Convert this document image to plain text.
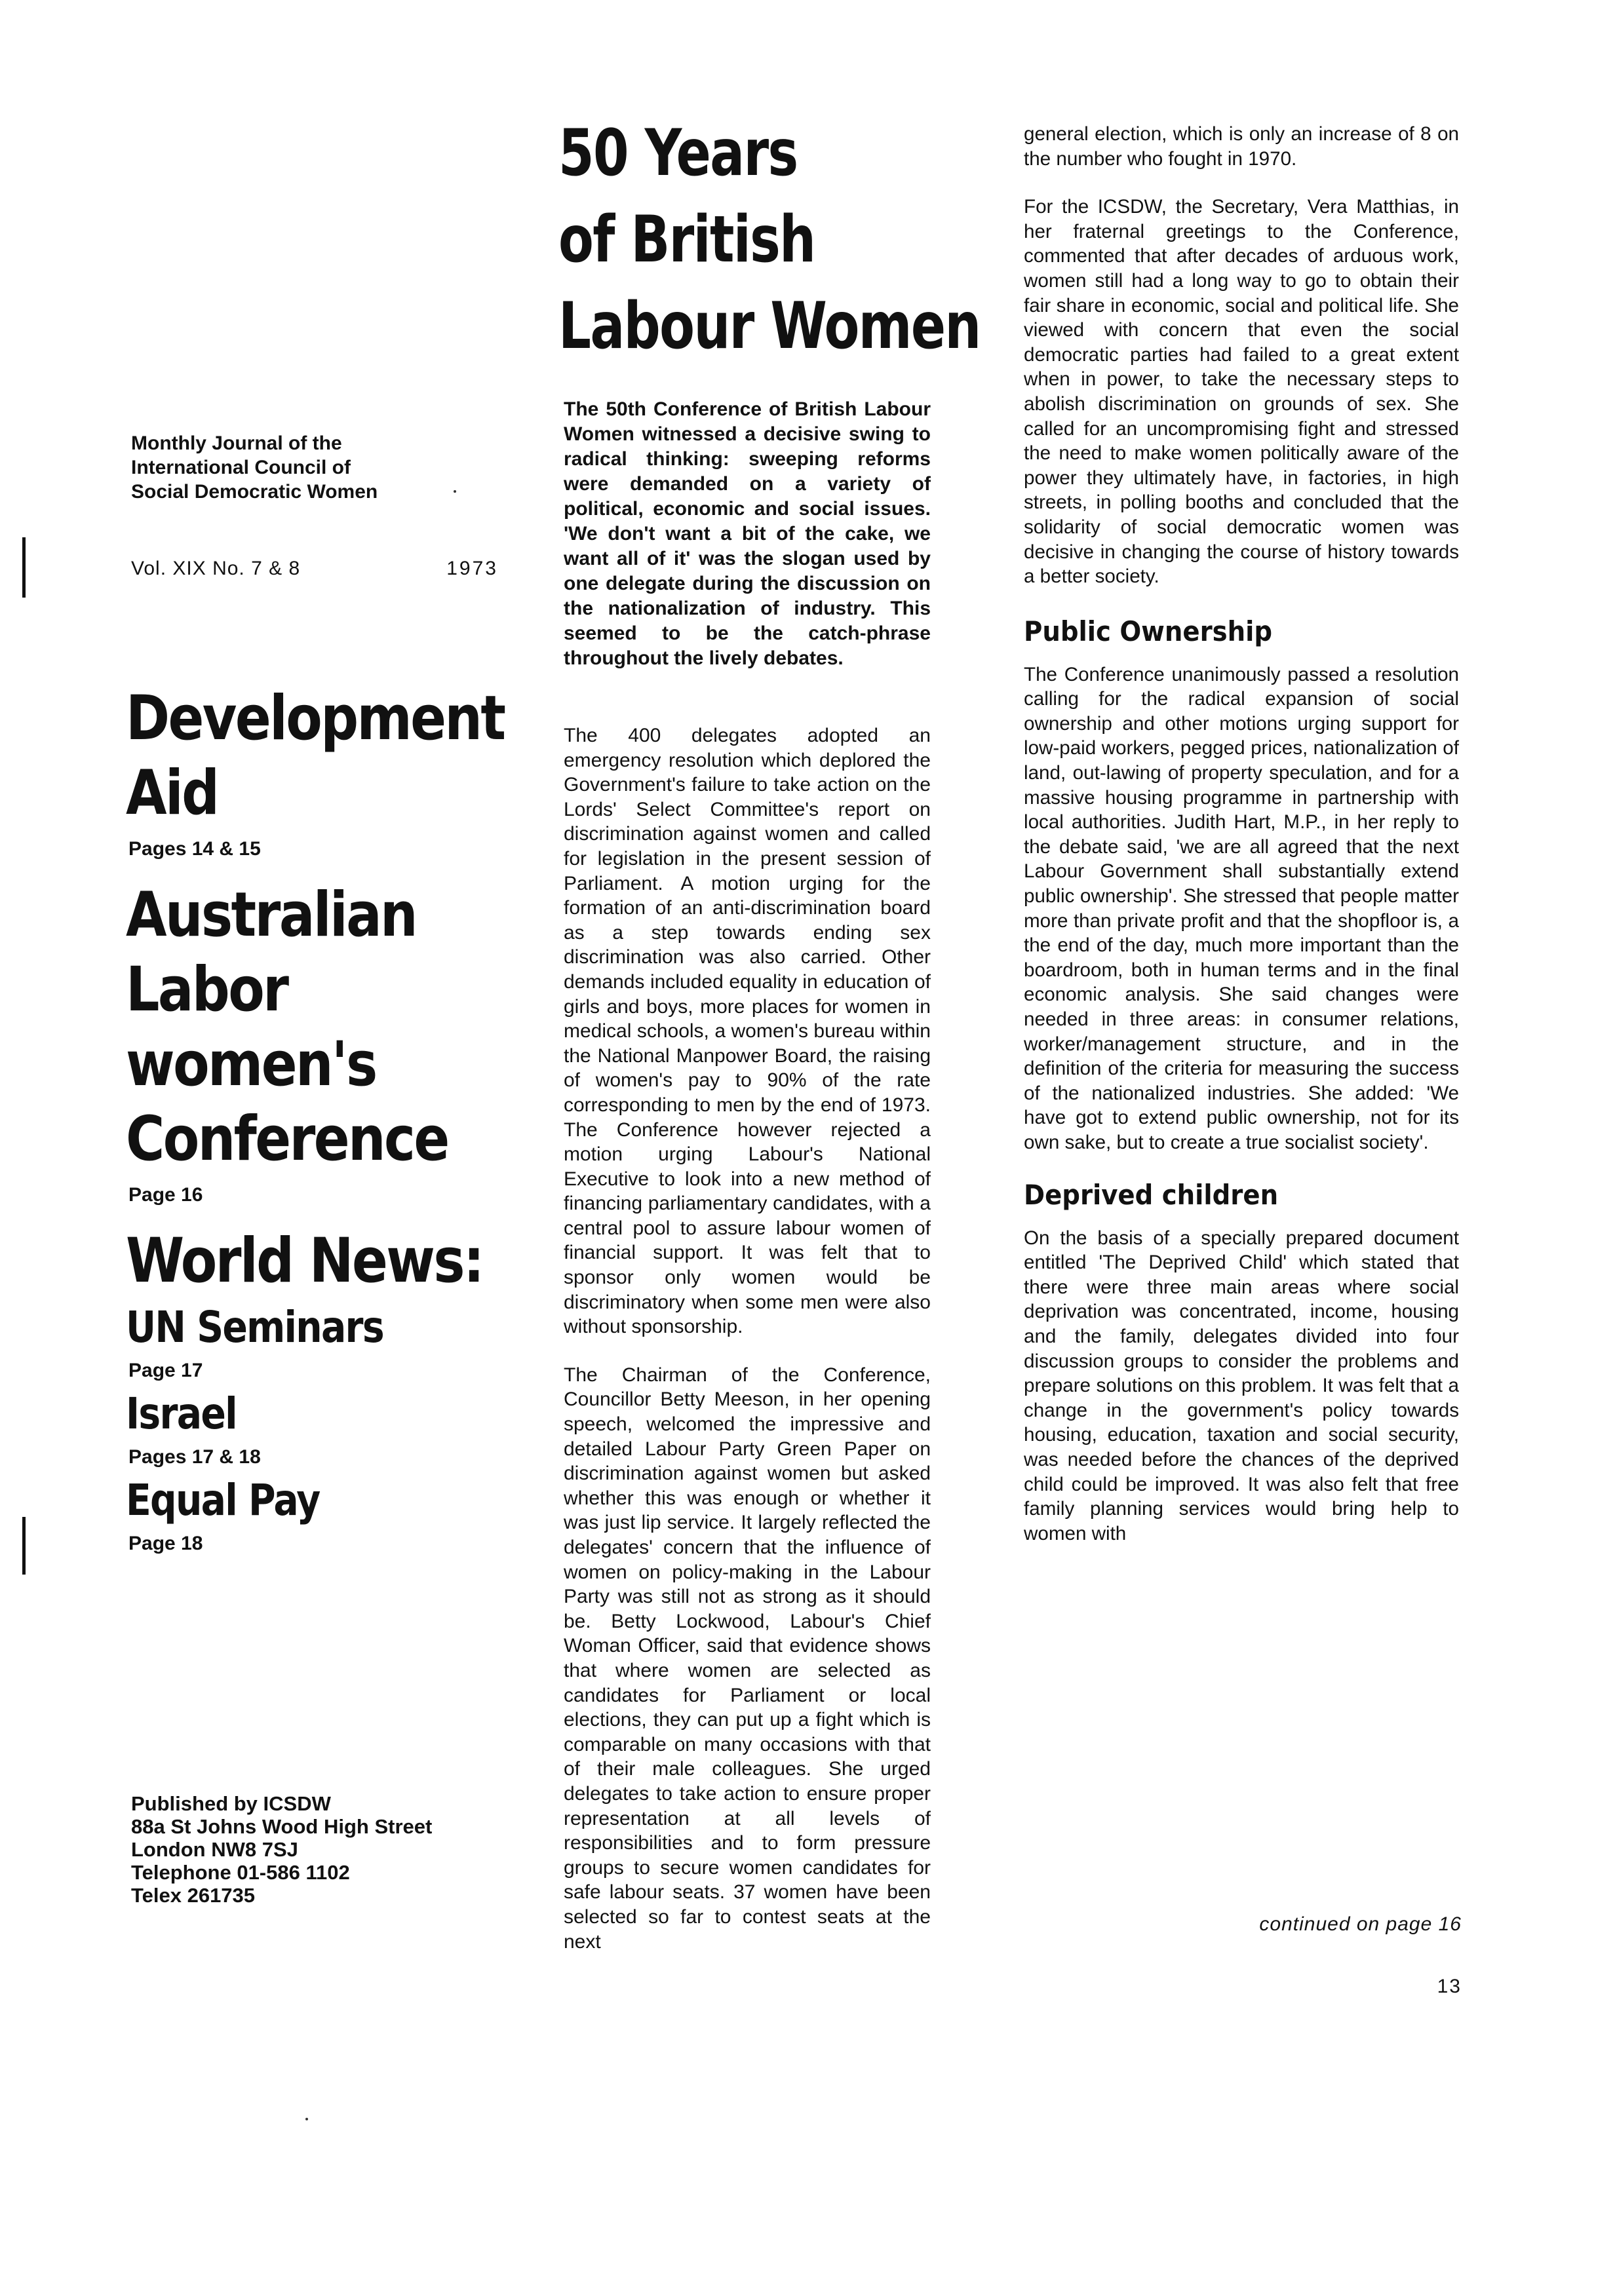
Monthly Journal of the
International Council of
Social Democratic Women
Vol. XIX No. 7 & 8	1973
Development
Aid
Pages 14 & 15
Australian
Labor
women's
Conference
Page 16
World News:
UN Seminars
Page 17
Israel
Pages 17 & 18
Equal Pay
Page 18
Published by ICSDW
88a St Johns Wood High Street
London NW8 7SJ
Telephone 01-586 1102
Telex 261735
50 Years
of British
Labour Women
The 50th Conference of British Labour Women witnessed a decisive swing to radical thinking: sweeping reforms were demanded on a variety of political, economic and social issues. 'We don't want a bit of the cake, we want all of it' was the slogan used by one delegate during the discussion on the nationalization of industry. This seemed to be the catch-phrase throughout the lively debates.

The 400 delegates adopted an emergency resolution which deplored the Government's failure to take action on the Lords' Select Committee's report on discrimination against women and called for legislation in the present session of Parliament. A motion urging for the formation of an anti-discrimination board as a step towards ending sex discrimination was also carried. Other demands included equality in education of girls and boys, more places for women in medical schools, a women's bureau within the National Manpower Board, the raising of women's pay to 90% of the rate corresponding to men by the end of 1973. The Conference however rejected a motion urging Labour's National Executive to look into a new method of financing parliamentary candidates, with a central pool to assure labour women of financial support. It was felt that to sponsor only women would be discriminatory when some men were also without sponsorship.

The Chairman of the Conference, Councillor Betty Meeson, in her opening speech, welcomed the impressive and detailed Labour Party Green Paper on discrimination against women but asked whether this was enough or whether it was just lip service. It largely reflected the delegates' concern that the influence of women on policy-making in the Labour Party was still not as strong as it should be. Betty Lockwood, Labour's Chief Woman Officer, said that evidence shows that where women are selected as candidates for Parliament or local elections, they can put up a fight which is comparable on many occasions with that of their male colleagues. She urged delegates to take action to ensure proper representation at all levels of responsibilities and to form pressure groups to secure women candidates for safe labour seats. 37 women have been selected so far to contest seats at the next

general election, which is only an increase of 8 on the number who fought in 1970.

For the ICSDW, the Secretary, Vera Matthias, in her fraternal greetings to the Conference, commented that after decades of arduous work, women still had a long way to go to obtain their fair share in economic, social and political life. She viewed with concern that even the social democratic parties had failed to a great extent when in power, to take the necessary steps to abolish discrimination on grounds of sex. She called for an uncompromising fight and stressed the need to make women politically aware of the power they ultimately have, in factories, in high streets, in polling booths and concluded that the solidarity of social democratic women was decisive in changing the course of history towards a better society.

Public Ownership

The Conference unanimously passed a resolution calling for the radical expansion of social ownership and other motions urging support for low-paid workers, pegged prices, nationalization of land, out-lawing of property speculation, and for a massive housing programme in partnership with local authorities. Judith Hart, M.P., in her reply to the debate said, 'we are all agreed that the next Labour Government shall substantially extend public ownership'. She stressed that people matter more than private profit and that the shopfloor is, a the end of the day, much more important than the boardroom, both in human terms and in the final economic analysis. She said changes were needed in three areas: in consumer relations, worker/management structure, and in the definition of the criteria for measuring the success of the nationalized industries. She added: 'We have got to extend public ownership, not for its own sake, but to create a true socialist society'.

Deprived children

On the basis of a specially prepared document entitled 'The Deprived Child' which stated that there were three main areas where social deprivation was concentrated, income, housing and the family, delegates divided into four discussion groups to consider the problems and prepare solutions on this problem. It was felt that a change in the government's policy towards housing, education, taxation and social security, was needed before the chances of the deprived child could be improved. It was also felt that free family planning services would bring help to women with

continued on page 16
13
